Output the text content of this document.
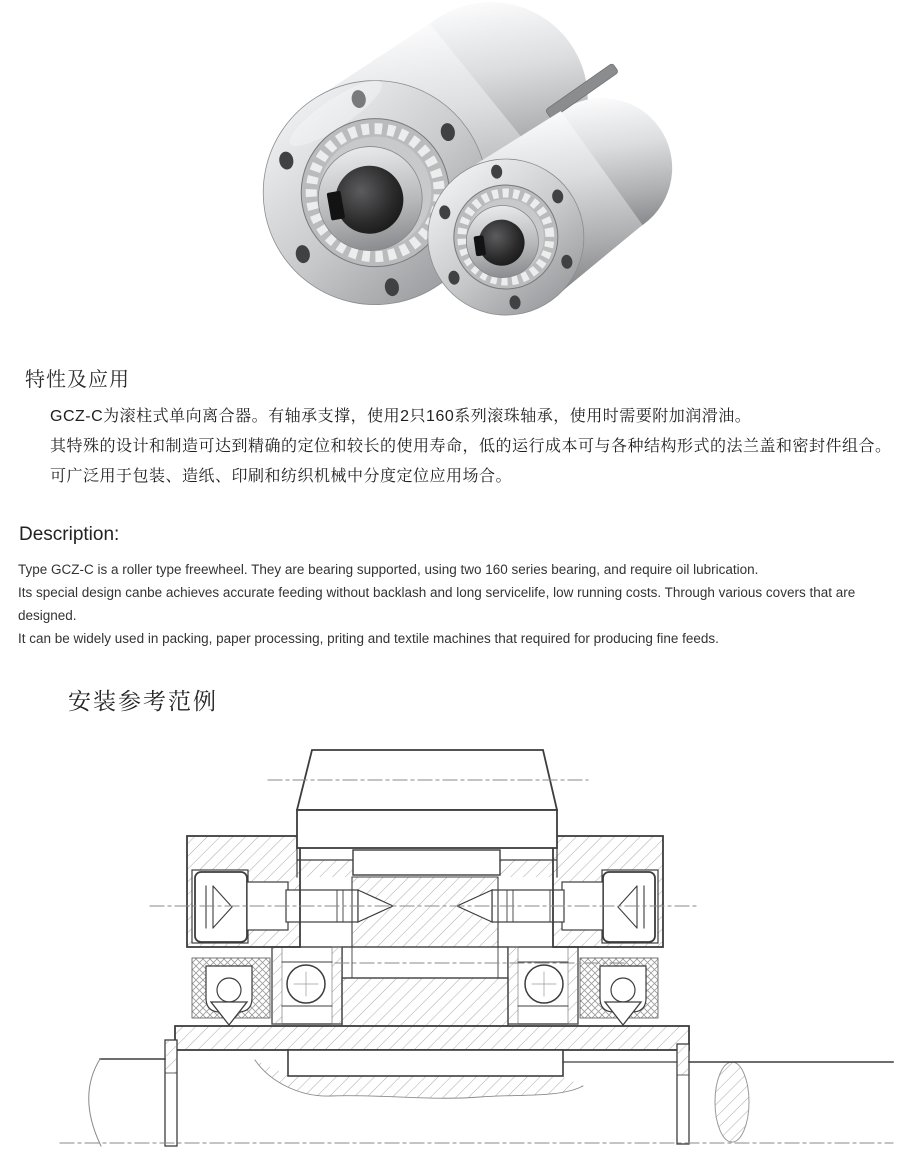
特性及应用
GCZ-C为滚柱式单向离合器。有轴承支撑，使用2只160系列滚珠轴承，使用时需要附加润滑油。
其特殊的设计和制造可达到精确的定位和较长的使用寿命，低的运行成本可与各种结构形式的法兰盖和密封件组合。
可广泛用于包装、造纸、印刷和纺织机械中分度定位应用场合。
Description:
Type GCZ-C is a roller type freewheel. They are bearing supported, using two 160 series bearing, and require oil lubrication.
Its special design canbe achieves accurate feeding without backlash and long servicelife, low running costs. Through various covers that are
designed.
It can be widely used in packing, paper processing, priting and textile machines that required for producing fine feeds.
安装参考范例
